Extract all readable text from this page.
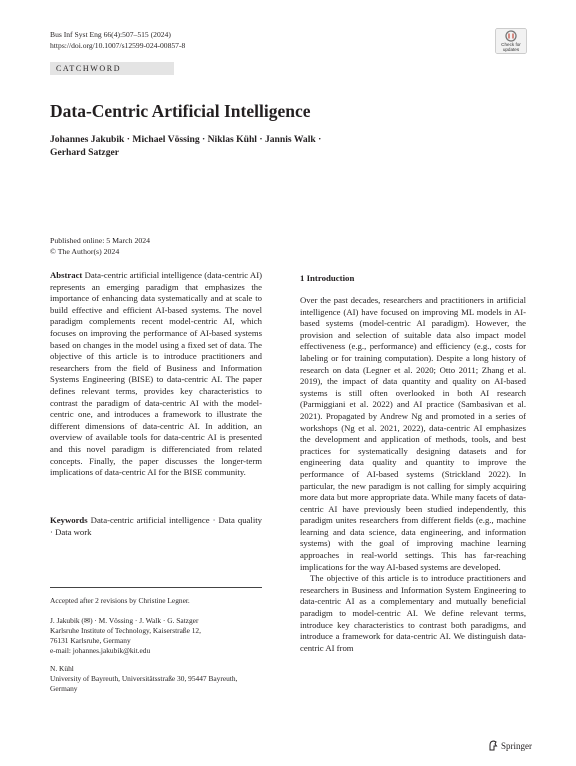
Bus Inf Syst Eng 66(4):507–515 (2024)
https://doi.org/10.1007/s12599-024-00857-8	Check for
updates
CATCHWORD
Data-Centric Artificial Intelligence
Johannes Jakubik · Michael Vössing · Niklas Kühl · Jannis Walk · Gerhard Satzger
Published online: 5 March 2024
© The Author(s) 2024

Abstract Data-centric artificial intelligence (data-centric AI) represents an emerging paradigm that emphasizes the importance of enhancing data systematically and at scale to build effective and efficient AI-based systems. The novel paradigm complements recent model-centric AI, which focuses on improving the performance of AI-based systems based on changes in the model using a fixed set of data. The objective of this article is to introduce practitioners and researchers from the field of Business and Information Systems Engineering (BISE) to data-centric AI. The paper defines relevant terms, provides key characteristics to contrast the paradigm of data-centric AI with the model-centric one, and introduces a framework to illustrate the different dimensions of data-centric AI. In addition, an overview of available tools for data-centric AI is presented and this novel paradigm is differenciated from related concepts. Finally, the paper discusses the longer-term implications of data-centric AI for the BISE community.

Keywords Data-centric artificial intelligence · Data quality · Data work

1 Introduction

Over the past decades, researchers and practitioners in artificial intelligence (AI) have focused on improving ML models in AI-based systems (model-centric AI paradigm). However, the provision and selection of suitable data also impact model effectiveness (e.g., performance) and efficiency (e.g., costs for labeling or for training computation). Despite a long history of research on data (Legner et al. 2020; Otto 2011; Zhang et al. 2019), the impact of data quantity and quality on AI-based systems is still often overlooked in both AI research (Parmiggiani et al. 2022) and AI practice (Sambasivan et al. 2021). Propagated by Andrew Ng and promoted in a series of workshops (Ng et al. 2021, 2022), data-centric AI emphasizes the development and application of methods, tools, and best practices for systematically designing datasets and for engineering data quality and quantity to improve the performance of AI-based systems (Strickland 2022). In particular, the new paradigm is not calling for simply acquiring more data but more appropriate data. While many facets of data-centric AI have previously been studied independently, this paradigm unites researchers from different fields (e.g., machine learning and data science, data engineering, and information systems) with the goal of improving machine learning approaches in real-world settings. This has far-reaching implications for the way AI-based systems are developed.

The objective of this article is to introduce practitioners and researchers in Business and Information System Engineering to data-centric AI as a complementary and mutually beneficial paradigm to model-centric AI. We define relevant terms, introduce key characteristics to contrast both paradigms, and introduce a framework for data-centric AI. We distinguish data-centric AI from

Accepted after 2 revisions by Christine Legner.
J. Jakubik (✉) · M. Vössing · J. Walk · G. Satzger
Karlsruhe Institute of Technology, Kaiserstraße 12,
76131 Karlsruhe, Germany
e-mail: johannes.jakubik@kit.edu
N. Kühl
University of Bayreuth, Universitätsstraße 30, 95447 Bayreuth,
Germany
Springer
